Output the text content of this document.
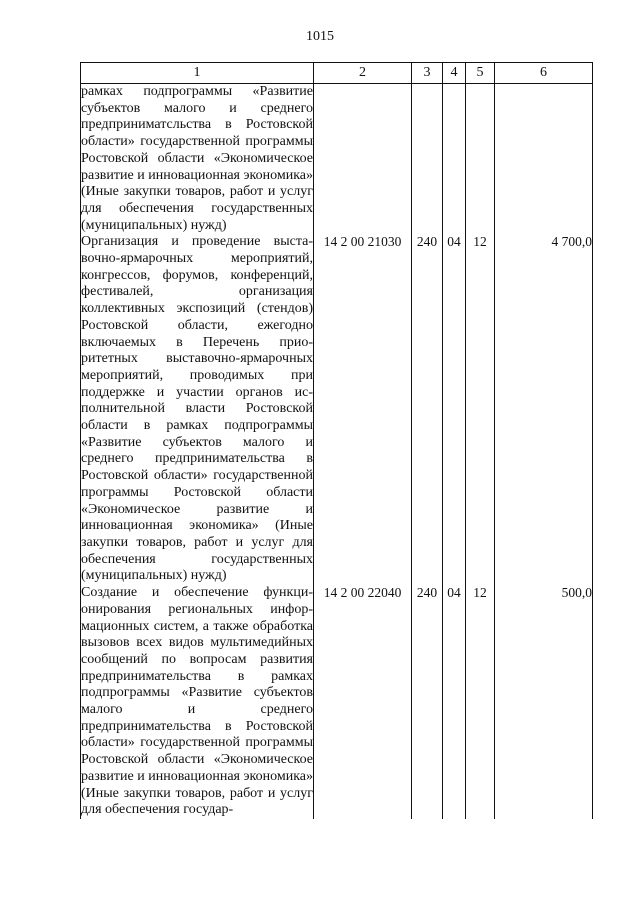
1015
1	2	3	4	5	6
рамках подпрограммы «Развитие субъектов малого и среднего предприниматсльства в Ростовской области» государственной программы Ростовской области «Экономическое развитие и инновационная экономика» (Иные закупки товаров, работ и услуг для обеспечения государственных (муниципальных) нужд)					
Организация и проведение выставочно-ярмарочных мероприятий, конгрессов, форумов, конференций, фестивалей, организация коллективных экспозиций (стендов) Ростовской области, ежегодно включаемых в Перечень приоритетных выставочно-ярмарочных мероприятий, проводимых при поддержке и участии органов исполнительной власти Ростовской области в рамках подпрограммы «Развитие субъектов малого и среднего предпринимательства в Ростовской области» государственной программы Ростовской области «Экономическое развитие и инновационная экономика» (Иные закупки товаров, работ и услуг для обеспечения государственных (муниципальных) нужд)	14 2 00 21030	240	04	12	4 700,0
Создание и обеспечение функционирования региональных информационных систем, а также обработка вызовов всех видов мультимедийных сообщений по вопросам развития предпринимательства в рамках подпрограммы «Развитие субъектов малого и среднего предпринимательства в Ростовской области» государственной программы Ростовской области «Экономическое развитие и инновационная экономика» (Иные закупки товаров, работ и услуг для обеспечения государ-	14 2 00 22040	240	04	12	500,0
